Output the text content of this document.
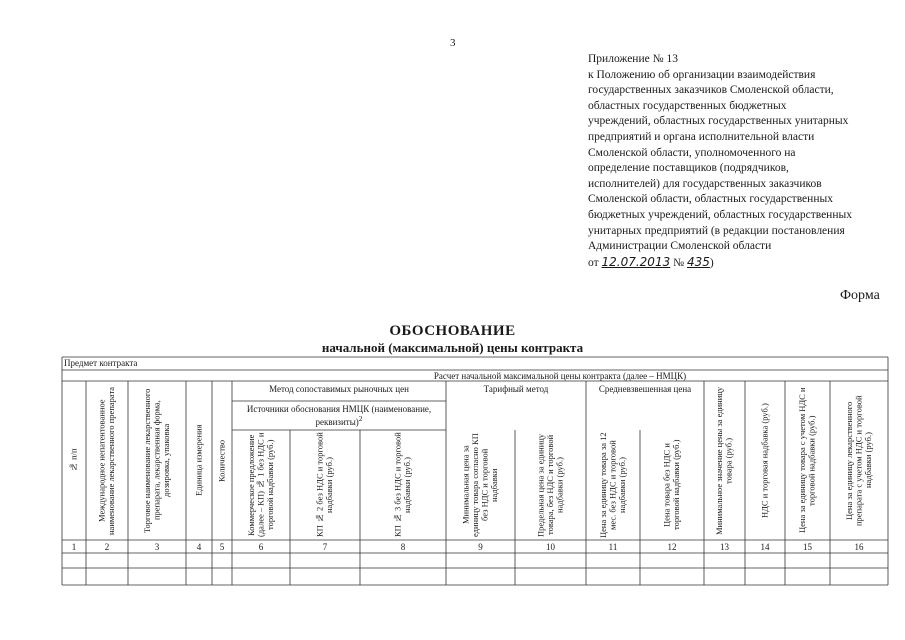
3
Приложение № 13
к Положению об организации взаимодействия
государственных заказчиков Смоленской области,
областных государственных бюджетных
учреждений, областных государственных унитарных
предприятий и органа исполнительной власти
Смоленской области, уполномоченного на
определение поставщиков (подрядчиков,
исполнителей) для государственных заказчиков
Смоленской области, областных государственных
бюджетных учреждений, областных государственных
унитарных предприятий (в редакции постановления
Администрации Смоленской области
от 12.07.2013 № 435)
Форма
ОБОСНОВАНИЕ
начальной (максимальной) цены контракта
Предмет контракта
Расчет начальной максимальной цены контракта (далее – НМЦК)
Метод сопоставимых рыночных цен
Источники обоснования НМЦК (наименование, реквизиты)$^2$
Тарифный метод	Средневзвешенная цена
№ п/п	Международное непатентованное наименование лекарственного препарата	Торговое наименование лекарственного препарата, лекарственная форма, дозировка, упаковка	Единица измерения	Количество	Коммерческое предложение (далее – КП) № 1 без НДС и торговой надбавки (руб.)	КП № 2 без НДС и торговой надбавки (руб.)	КП № 3 без НДС и торговой надбавки (руб.)	Минимальная цена за единицу товара согласно КП без НДС и торговой надбавки	Предельная цена за единицу товара, без НДС и торговой надбавки (руб.)	Цена за единицу товара за 12 мес. без НДС и торговой надбавки (руб.)	Цена товара без НДС и торговой надбавки (руб.)	Минимальное значение цены за единицу товара (руб.)	НДС и торговая надбавка (руб.)	Цена за единицу товара с учетом НДС и торговой надбавки (руб.)	Цена за единицу лекарственного препарата с учетом НДС и торговой надбавки (руб.)
1	2	3	4	5	6	7	8	9	10	11	12	13	14	15	16
